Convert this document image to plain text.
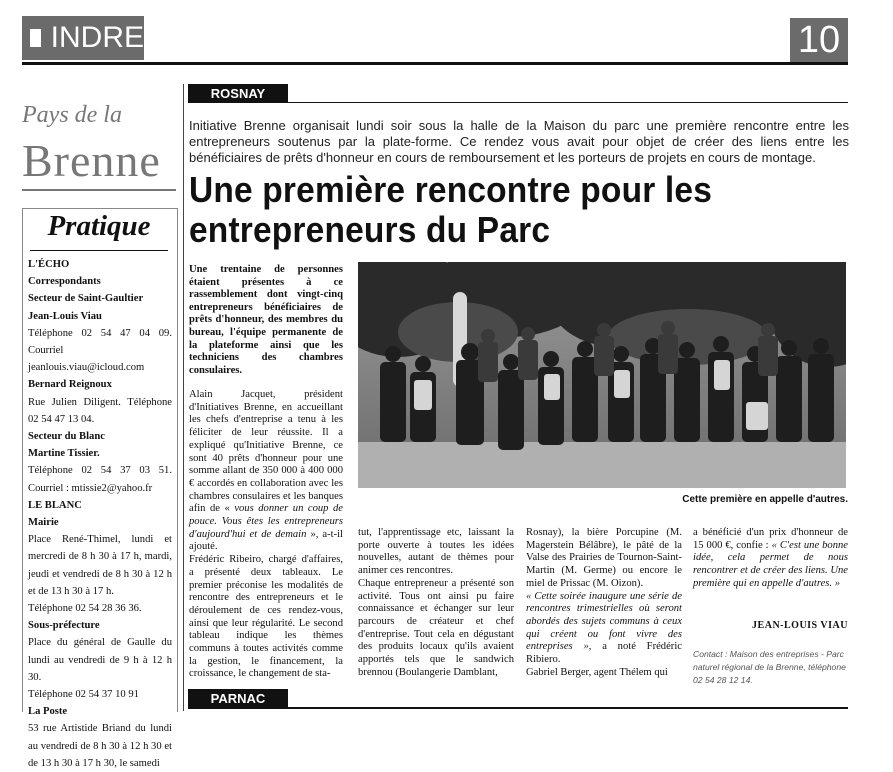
INDRE	10
Pays de la
Brenne
Pratique
L'ÉCHO
Correspondants
Secteur de Saint-Gaultier
Jean-Louis Viau
Téléphone 02 54 47 04 09. Courriel jeanlouis.viau@icloud.com
Bernard Reignoux
Rue Julien Diligent. Téléphone 02 54 47 13 04.
Secteur du Blanc
Martine Tissier.
Téléphone 02 54 37 03 51. Courriel : mtissie2@yahoo.fr
LE BLANC
Mairie
Place René-Thimel, lundi et mercredi de 8 h 30 à 17 h, mardi, jeudi et vendredi de 8 h 30 à 12 h et de 13 h 30 à 17 h.
Téléphone 02 54 28 36 36.
Sous-préfecture
Place du général de Gaulle du lundi au vendredi de 9 h à 12 h 30.
Téléphone 02 54 37 10 91
La Poste
53 rue Artistide Briand du lundi au vendredi de 8 h 30 à 12 h 30 et de 13 h 30 à 17 h 30, le samedi
ROSNAY
Initiative Brenne organisait lundi soir sous la halle de la Maison du parc une première rencontre entre les entrepreneurs soutenus par la plate-forme. Ce rendez vous avait pour objet de créer des liens entre les bénéficiaires de prêts d'honneur en cours de remboursement et les porteurs de projets en cours de montage.
Une première rencontre pour les entrepreneurs du Parc
Une trentaine de personnes étaient présentes à ce rassemblement dont vingt-cinq entrepreneurs bénéficiaires de prêts d'honneur, des membres du bureau, l'équipe permanente de la plateforme ainsi que les techniciens des chambres consulaires.

Alain Jacquet, président d'Initiatives Brenne, en accueillant les chefs d'entreprise a tenu à les féliciter de leur réussite. Il a expliqué qu'Initiative Brenne, ce sont 40 prêts d'honneur pour une somme allant de 350 000 à 400 000 € accordés en collaboration avec les chambres consulaires et les banques afin de « vous donner un coup de pouce. Vous êtes les entrepreneurs d'aujourd'hui et de demain », a-t-il ajouté.

Frédéric Ribeiro, chargé d'affaires, a présenté deux tableaux. Le premier préconise les modalités de rencontre des entrepreneurs et le déroulement de ces rendez-vous, ainsi que leur régularité. Le second tableau indique les thèmes communs à toutes activités comme la gestion, le financement, la croissance, le changement de sta-

Cette première en appelle d'autres.

tut, l'apprentissage etc, laissant la porte ouverte à toutes les idées nouvelles, autant de thèmes pour animer ces rencontres.

Chaque entrepreneur a présenté son activité. Tous ont ainsi pu faire connaissance et échanger sur leur parcours de créateur et chef d'entreprise. Tout cela en dégustant des produits locaux qu'ils avaient apportés tels que le sandwich brennou (Boulangerie Damblant,

Rosnay), la bière Porcupine (M. Magerstein Bélâbre), le pâté de la Valse des Prairies de Tournon-Saint-Martin (M. Germe) ou encore le miel de Prissac (M. Oizon).

« Cette soirée inaugure une série de rencontres trimestrielles où seront abordés des sujets communs à ceux qui créent ou font vivre des entreprises », a noté Frédéric Ribiero.

Gabriel Berger, agent Thélem qui

a bénéficié d'un prix d'honneur de 15 000 €, confie : « C'est une bonne idée, cela permet de nous rencontrer et de créer des liens. Une première qui en appelle d'autres. »

JEAN-LOUIS VIAU
Contact : Maison des entreprises - Parc naturel régional de la Brenne, téléphone 02 54 28 12 14.
PARNAC
